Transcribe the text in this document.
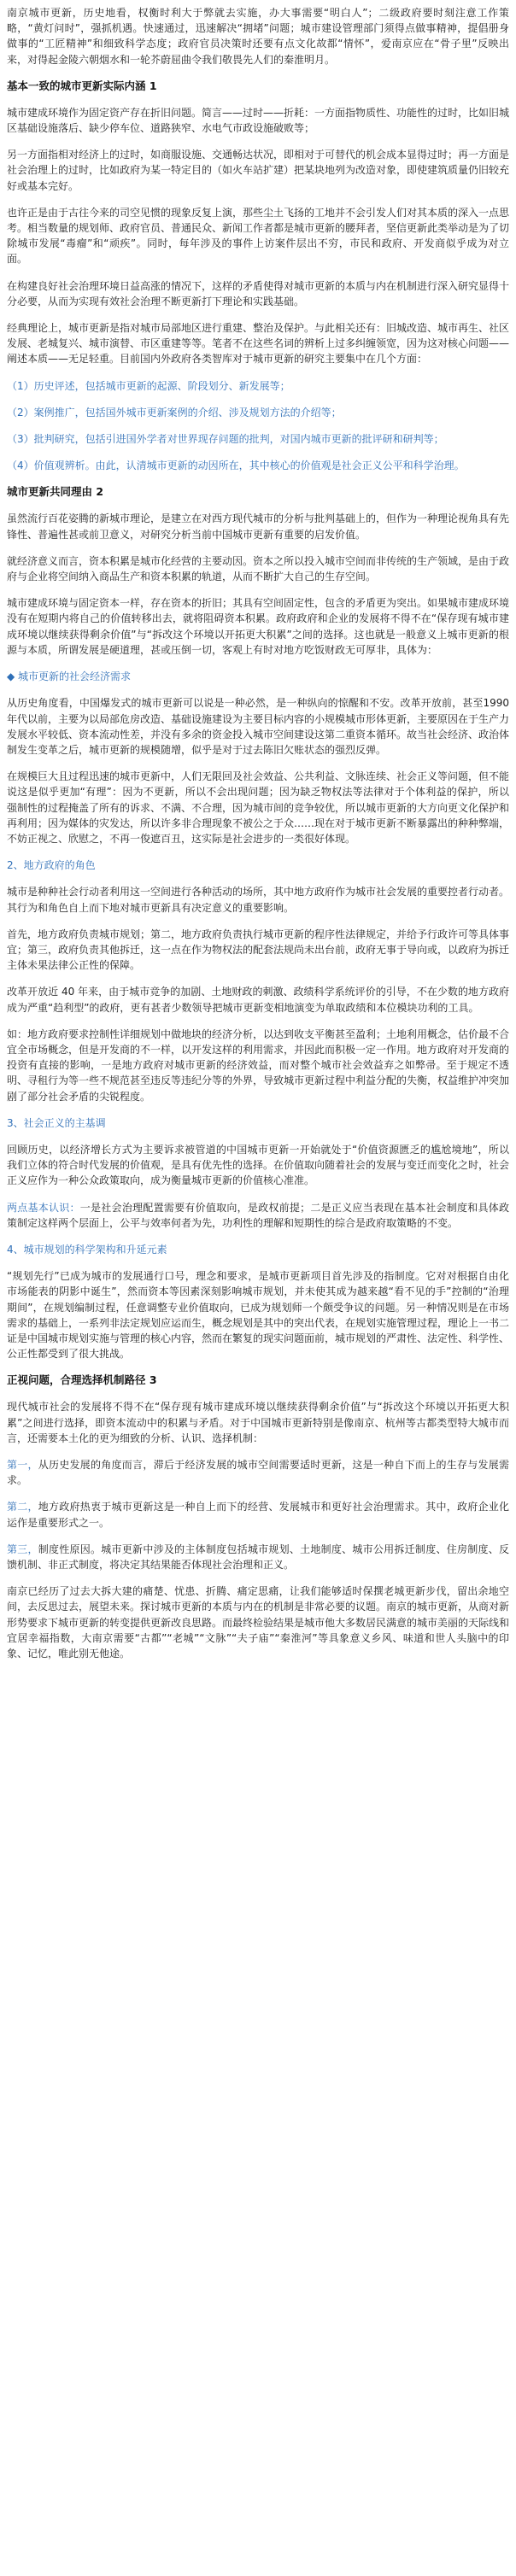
南京城市更新，历史地看，权衡时利大于弊就去实施，办大事需要“明白人”；二级政府要时刻注意工作策略，“黄灯问时”，强抓机遇。快速通过，迅速解决“拥堵”问题；城市建设管理部门须得点做事精神，提倡册身做事的“工匠精神”和细致科学态度；政府官员决策时还要有点文化故都“情怀”，爱南京应在“骨子里”反映出来，对得起金陵六朝烟水和一轮芥蔚屈曲令我们敬畏先人们的秦淮明月。

基本一致的城市更新实际内涵 1

城市建成环境作为固定资产存在折旧问题。简言——过时——折耗：一方面指物质性、功能性的过时，比如旧城区基础设施落后、缺少停车位、道路狭窄、水电气市政设施破败等；

另一方面指相对经济上的过时，如商服设施、交通畅达状况，即相对于可替代的机会成本显得过时；再一方面是社会治理上的过时，比如政府为某一特定目的（如火车站扩建）把某块地列为改造对象，即使建筑质量仍旧较充好或基本完好。

也许正是由于古往今来的司空见惯的现象反复上演，那些尘土飞扬的工地并不会引发人们对其本质的深入一点思考。相当数量的规划师、政府官员、普通民众、新闻工作者都是城市更新的腰拜者，坚信更新此类举动是为了切除城市发展“毒瘤”和“顽疾”。同时，每年涉及的事件上访案件层出不穷，市民和政府、开发商似乎成为对立面。

在构建良好社会治理环境日益高涨的情况下，这样的矛盾使得对城市更新的本质与内在机制进行深入研究显得十分必要，从而为实现有效社会治理不断更新打下理论和实践基础。

经典理论上，城市更新是指对城市局部地区进行重建、整治及保护。与此相关还有：旧城改造、城市再生、社区发展、老城复兴、城市演替、市区重建等等。笔者不在这些名词的辨析上过多纠缠领宽，因为这对核心问题——阐述本质——无足轻重。目前国内外政府各类智库对于城市更新的研究主要集中在几个方面：

（1）历史评述，包括城市更新的起源、阶段划分、新发展等；

（2）案例推广，包括国外城市更新案例的介绍、涉及规划方法的介绍等；

（3）批判研究，包括引进国外学者对世界现存问题的批判，对国内城市更新的批评研和研判等；

（4）价值观辨析。由此，认清城市更新的动因所在，其中核心的价值观是社会正义公平和科学治理。

城市更新共同理由 2

虽然流行百花姿腾的新城市理论，是建立在对西方现代城市的分析与批判基础上的，但作为一种理论视角具有先锋性、普遍性甚或前卫意义，对研究分析当前中国城市更新有重要的启发价值。

就经济意义而言，资本积累是城市化经营的主要动因。资本之所以投入城市空间而非传统的生产领域，是由于政府与企业将空间纳入商品生产和资本积累的轨道，从而不断扩大自己的生存空间。

城市建成环境与固定资本一样，存在资本的折旧；其具有空间固定性，包含的矛盾更为突出。如果城市建成环境没有在短期内将自己的价值转移出去，就将阻碍资本积累。政府政府和企业的发展将不得不在“保存现有城市建成环境以继续获得剩余价值”与“拆改这个环境以开拓更大积累”之间的选择。这也就是一般意义上城市更新的根源与本质，所谓发展是硬道理，甚或压倒一切，客观上有时对地方吃饭财政无可厚非，具体为：

◆ 城市更新的社会经济需求

从历史角度看，中国爆发式的城市更新可以说是一种必然，是一种纵向的惊醒和不安。改革开放前，甚至1990年代以前，主要为以局部危房改造、基础设施建设为主要目标内容的小规模城市形体更新，主要原因在于生产力发展水平较低、资本流动性差，并没有多余的资金投入城市空间建设这第二重资本循环。故当社会经济、政治体制发生变革之后，城市更新的规模随增，似乎是对于过去陈旧欠账状态的强烈反弹。

在规模巨大且过程迅速的城市更新中，人们无限回及社会效益、公共利益、文脉连续、社会正义等问题，但不能说这是似乎更加“有理”：因为不更新，所以不会出现问题；因为缺乏物权法等法律对于个体利益的保护，所以强制性的过程掩盖了所有的诉求、不满、不合理，因为城市间的竞争较优，所以城市更新的大方向更文化保护和再利用；因为媒体的灾发达，所以许多非合理现象不被公之于众……现在对于城市更新不断暴露出的种种弊端，不妨正视之、欣慰之，不再一俊遮百丑，这实际是社会进步的一类很好体现。

2、地方政府的角色

城市是种种社会行动者利用这一空间进行各种活动的场所，其中地方政府作为城市社会发展的重要控者行动者。其行为和角色自上而下地对城市更新具有决定意义的重要影响。

首先，地方政府负责城市规划；第二，地方政府负责执行城市更新的程序性法律规定，并给予行政许可等具体事宜；第三，政府负责其他拆迁，这一点在作为物权法的配套法规尚未出台前，政府无事于导向或，以政府为拆迁主体未果法律公正性的保障。

改革开放近 40 年来，由于城市竞争的加剧、土地财政的刺激、政绩科学系统评价的引导，不在少数的地方政府成为严重“趋利型”的政府，更有甚者少数领导把城市更新变相地演变为单取政绩和本位模块功利的工具。

如：地方政府要求控制性详细规划中做地块的经济分析，以达到收支平衡甚至盈利；土地利用概念，估价最不合宜全市场概念，但是开发商的不一样，以开发这样的利用需求，并因此而积极一定一作用。地方政府对开发商的投资有直接的影响，一是地方政府对城市更新的经济效益，而对整个城市社会效益弃之如弊帚。至于规定不透明、寻租行为等一些不规范甚至违反等违纪分等的外界，导致城市更新过程中利益分配的失衡，权益维护冲突加剧了部分社会矛盾的尖锐程度。

3、社会正义的主基调

回顾历史，以经济增长方式为主要诉求被管道的中国城市更新一开始就处于“价值资源匮乏的尴尬境地”，所以我们立体的符合时代发展的价值观，是具有优先性的选择。在价值取向随着社会的发展与变迁而变化之时，社会正义应作为一种公众政策取向，成为衡量城市更新的价值核心准准。

两点基本认识：一是社会治理配置需要有价值取向，是政权前提；二是正义应当表现在基本社会制度和具体政策制定这样两个层面上，公平与效率何者为先，功利性的理解和短期性的综合是政府取策略的不变。

4、城市规划的科学架构和升延元素

“规划先行”已成为城市的发展通行口号，理念和要求，是城市更新项目首先涉及的指制度。它对对根据自由化市场能表的阴影中诞生”，然而资本等因素深刻影响城市规划，并未使其成为越来越“看不见的手”控制的“治理期间”，在规划编制过程，任意调整专业价值取向，已成为规划师一个颇受争议的问题。另一种情况则是在市场需求的基础上，一系列非法定规划应运而生，概念规划是其中的突出代表，在规划实施管理过程，理论上一书二证是中国城市规划实施与管理的核心内容，然而在繁复的现实问题面前，城市规划的严肃性、法定性、科学性、公正性都受到了很大挑战。

正视问题，合理选择机制路径 3

现代城市社会的发展将不得不在“保存现有城市建成环境以继续获得剩余价值”与“拆改这个环境以开拓更大积累”之间进行选择，即资本流动中的积累与矛盾。对于中国城市更新特别是像南京、杭州等古都类型特大城市而言，还需要本土化的更为细致的分析、认识、选择机制：

第一，从历史发展的角度而言，滞后于经济发展的城市空间需要适时更新，这是一种自下而上的生存与发展需求。

第二，地方政府热衷于城市更新这是一种自上而下的经营、发展城市和更好社会治理需求。其中，政府企业化运作是重要形式之一。

第三，制度性原因。城市更新中涉及的主体制度包括城市规划、土地制度、城市公用拆迁制度、住房制度、反馈机制、非正式制度，将决定其结果能否体现社会治理和正义。

南京已经历了过去大拆大建的痛楚、忧患、折腾、痛定思痛，让我们能够适时保撰老城更新步伐，留出余地空间，去反思过去，展望未来。探讨城市更新的本质与内在的机制是非常必要的议题。南京的城市更新，从商对新形势要求下城市更新的转变提供更新改良思路。而最终检验结果是城市他大多数居民满意的城市美丽的天际线和宜居幸福指数，大南京需要“古都”“老城”“文脉”“夫子庙”“秦淮河”等具象意义乡风、味道和世人头脑中的印象、记忆，唯此别无他途。
